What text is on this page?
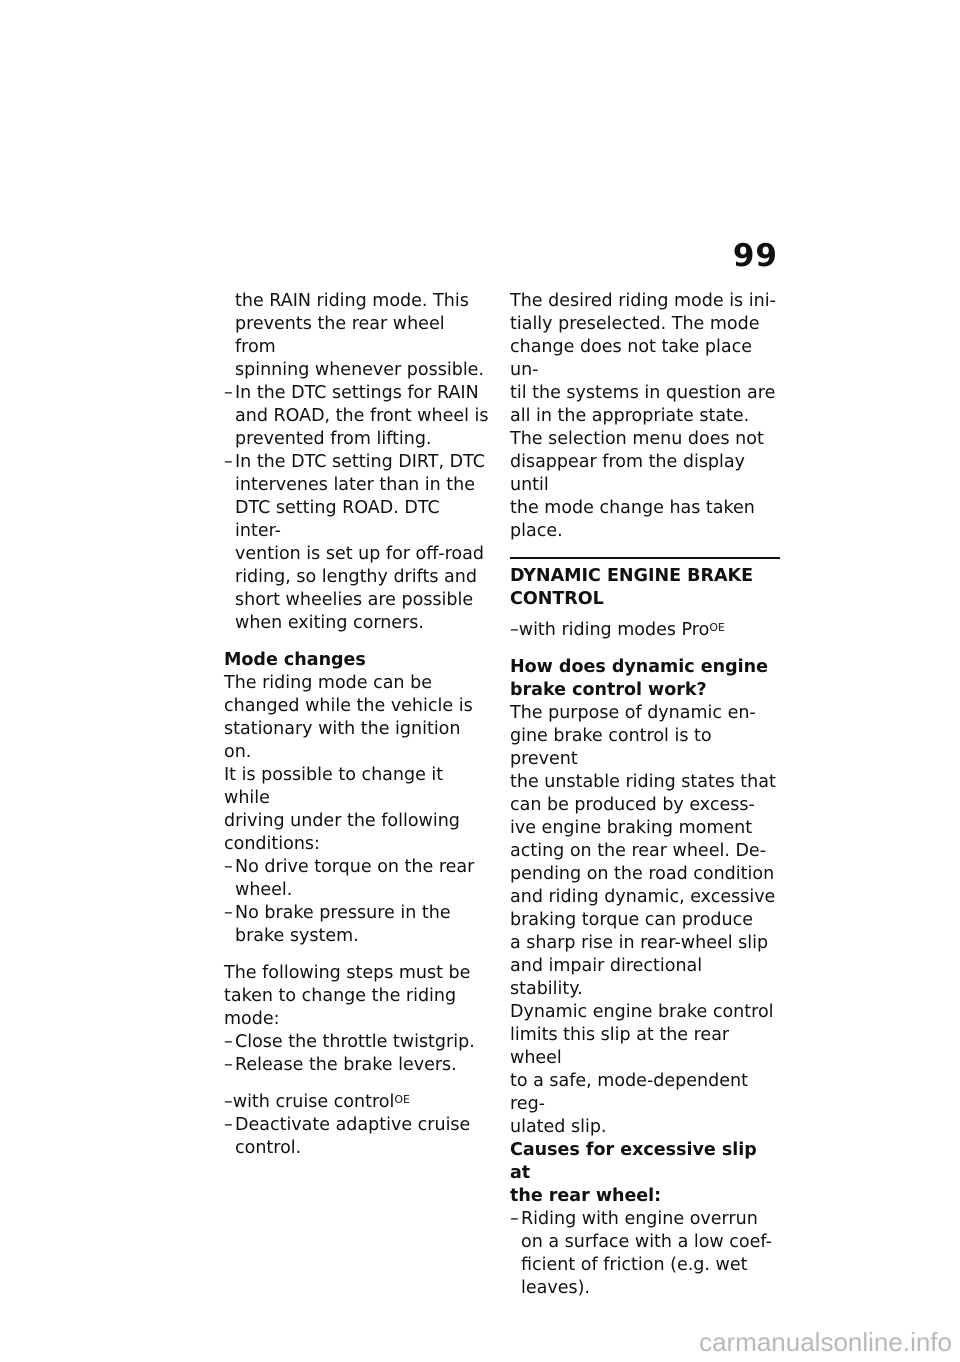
99
the RAIN riding mode. This
prevents the rear wheel from
spinning whenever possible.
– In the DTC settings for RAIN
and ROAD, the front wheel is
prevented from lifting.
– In the DTC setting DIRT, DTC
intervenes later than in the
DTC setting ROAD. DTC inter-
vention is set up for off-road
riding, so lengthy drifts and
short wheelies are possible
when exiting corners.
Mode changes
The riding mode can be
changed while the vehicle is
stationary with the ignition on.
It is possible to change it while
driving under the following
conditions:
– No drive torque on the rear
wheel.
– No brake pressure in the
brake system.
The following steps must be
taken to change the riding
mode:
– Close the throttle twistgrip.
– Release the brake levers.
–with cruise control$^{OE}$
– Deactivate adaptive cruise
control.
The desired riding mode is ini-
tially preselected. The mode
change does not take place un-
til the systems in question are
all in the appropriate state.
The selection menu does not
disappear from the display until
the mode change has taken
place.
DYNAMIC ENGINE BRAKE
CONTROL
–with riding modes Pro$^{OE}$
How does dynamic engine
brake control work?
The purpose of dynamic en-
gine brake control is to prevent
the unstable riding states that
can be produced by excess-
ive engine braking moment
acting on the rear wheel. De-
pending on the road condition
and riding dynamic, excessive
braking torque can produce
a sharp rise in rear-wheel slip
and impair directional stability.
Dynamic engine brake control
limits this slip at the rear wheel
to a safe, mode-dependent reg-
ulated slip.
Causes for excessive slip at
the rear wheel:
– Riding with engine overrun
on a surface with a low coef-
ficient of friction (e.g. wet
leaves).
carmanualsonline.info
